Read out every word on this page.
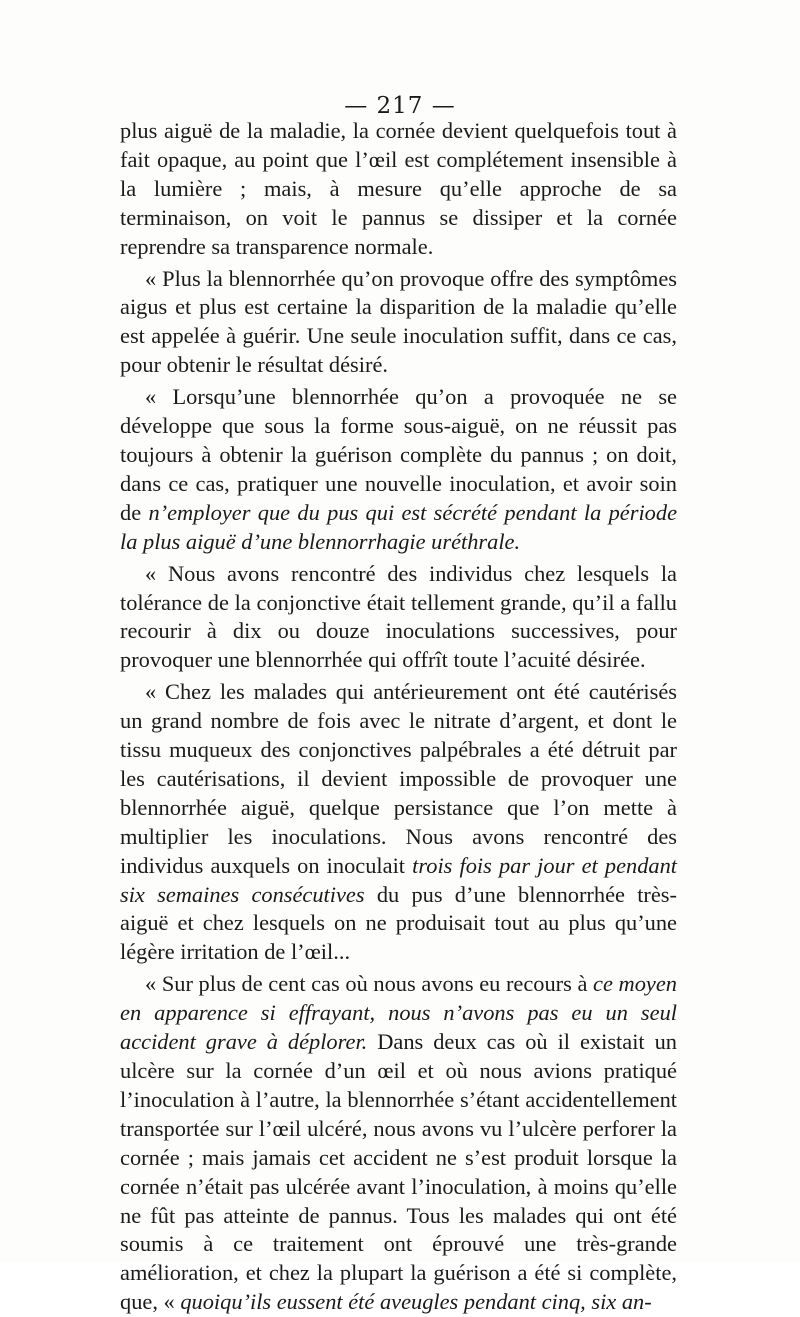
— 217 —

plus aiguë de la maladie, la cornée devient quelquefois tout à fait opaque, au point que l’œil est complétement insensible à la lumière ; mais, à mesure qu’elle approche de sa terminaison, on voit le pannus se dissiper et la cornée reprendre sa transparence normale.

« Plus la blennorrhée qu’on provoque offre des symptômes aigus et plus est certaine la disparition de la maladie qu’elle est appelée à guérir. Une seule inoculation suffit, dans ce cas, pour obtenir le résultat désiré.

« Lorsqu’une blennorrhée qu’on a provoquée ne se développe que sous la forme sous-aiguë, on ne réussit pas toujours à obtenir la guérison complète du pannus ; on doit, dans ce cas, pratiquer une nouvelle inoculation, et avoir soin de n’employer que du pus qui est sécrété pendant la période la plus aiguë d’une blennorrhagie uréthrale.

« Nous avons rencontré des individus chez lesquels la tolérance de la conjonctive était tellement grande, qu’il a fallu recourir à dix ou douze inoculations successives, pour provoquer une blennorrhée qui offrît toute l’acuité désirée.

« Chez les malades qui antérieurement ont été cautérisés un grand nombre de fois avec le nitrate d’argent, et dont le tissu muqueux des conjonctives palpébrales a été détruit par les cautérisations, il devient impossible de provoquer une blennorrhée aiguë, quelque persistance que l’on mette à multiplier les inoculations. Nous avons rencontré des individus auxquels on inoculait trois fois par jour et pendant six semaines consécutives du pus d’une blennorrhée très-aiguë et chez lesquels on ne produisait tout au plus qu’une légère irritation de l’œil...

« Sur plus de cent cas où nous avons eu recours à ce moyen en apparence si effrayant, nous n’avons pas eu un seul accident grave à déplorer. Dans deux cas où il existait un ulcère sur la cornée d’un œil et où nous avions pratiqué l’inoculation à l’autre, la blennorrhée s’étant accidentellement transportée sur l’œil ulcéré, nous avons vu l’ulcère perforer la cornée ; mais jamais cet accident ne s’est produit lorsque la cornée n’était pas ulcérée avant l’inoculation, à moins qu’elle ne fût pas atteinte de pannus. Tous les malades qui ont été soumis à ce traitement ont éprouvé une très-grande amélioration, et chez la plupart la guérison a été si complète, que, « quoiqu’ils eussent été aveugles pendant cinq, six an-
